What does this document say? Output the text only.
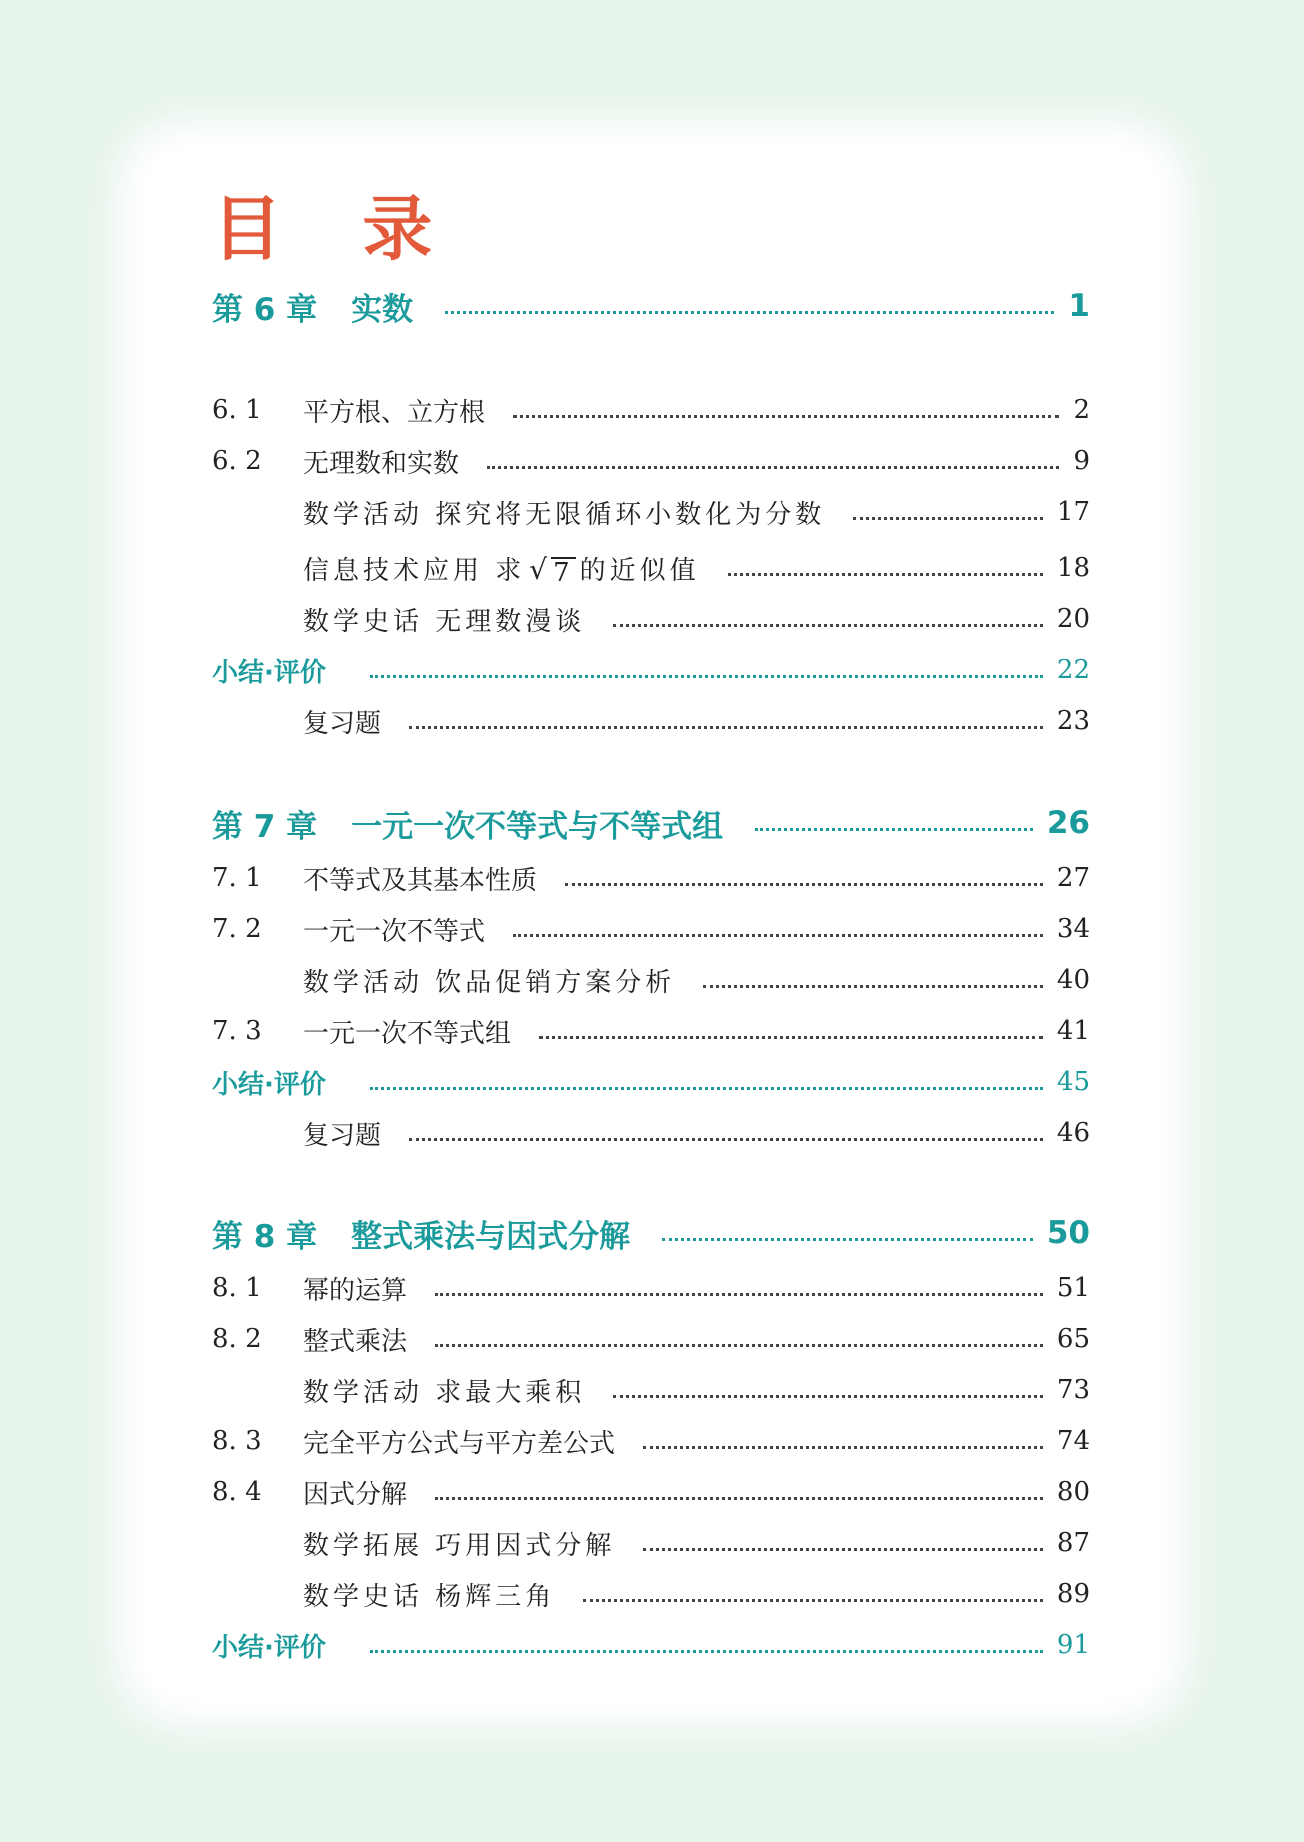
目 录
第 6 章 实数	1
6. 1	平方根、立方根	2
6. 2	无理数和实数	9
数学活动 探究将无限循环小数化为分数	17
信息技术应用 求 √ 7 的近似值	18
数学史话 无理数漫谈	20
小结·评价	22
复习题	23
第 7 章 一元一次不等式与不等式组	26
7. 1	不等式及其基本性质	27
7. 2	一元一次不等式	34
数学活动 饮品促销方案分析	40
7. 3	一元一次不等式组	41
小结·评价	45
复习题	46
第 8 章 整式乘法与因式分解	50
8. 1	幂的运算	51
8. 2	整式乘法	65
数学活动 求最大乘积	73
8. 3	完全平方公式与平方差公式	74
8. 4	因式分解	80
数学拓展 巧用因式分解	87
数学史话 杨辉三角	89
小结·评价	91
